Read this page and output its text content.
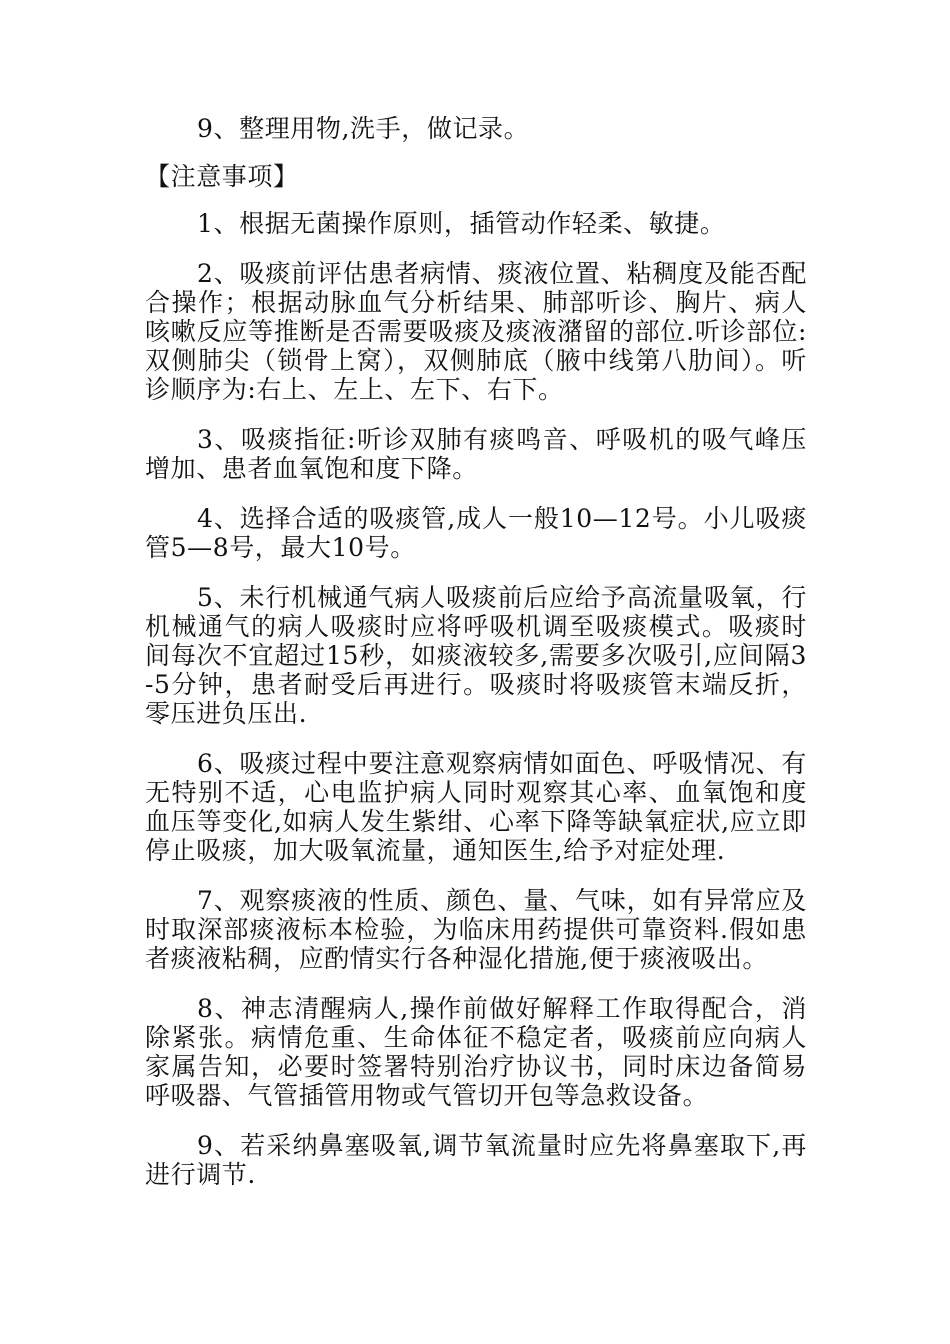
9、整理用物,洗手，做记录。

【注意事项】

1、根据无菌操作原则，插管动作轻柔、敏捷。

2、吸痰前评估患者病情、痰液位置、粘稠度及能否配合操作；根据动脉血气分析结果、肺部听诊、胸片、病人咳嗽反应等推断是否需要吸痰及痰液潴留的部位.听诊部位:双侧肺尖（锁骨上窝），双侧肺底（腋中线第八肋间）。听诊顺序为:右上、左上、左下、右下。

3、吸痰指征:听诊双肺有痰鸣音、呼吸机的吸气峰压增加、患者血氧饱和度下降。

4、选择合适的吸痰管,成人一般10—12号。小儿吸痰管5—8号，最大10号。

5、未行机械通气病人吸痰前后应给予高流量吸氧，行机械通气的病人吸痰时应将呼吸机调至吸痰模式。吸痰时间每次不宜超过15秒，如痰液较多,需要多次吸引,应间隔3-5分钟，患者耐受后再进行。吸痰时将吸痰管末端反折，零压进负压出.

6、吸痰过程中要注意观察病情如面色、呼吸情况、有无特别不适，心电监护病人同时观察其心率、血氧饱和度血压等变化,如病人发生紫绀、心率下降等缺氧症状,应立即停止吸痰，加大吸氧流量，通知医生,给予对症处理.

7、观察痰液的性质、颜色、量、气味，如有异常应及时取深部痰液标本检验，为临床用药提供可靠资料.假如患者痰液粘稠，应酌情实行各种湿化措施,便于痰液吸出。

8、神志清醒病人,操作前做好解释工作取得配合，消除紧张。病情危重、生命体征不稳定者，吸痰前应向病人家属告知，必要时签署特别治疗协议书，同时床边备简易呼吸器、气管插管用物或气管切开包等急救设备。

9、若采纳鼻塞吸氧,调节氧流量时应先将鼻塞取下,再进行调节.
